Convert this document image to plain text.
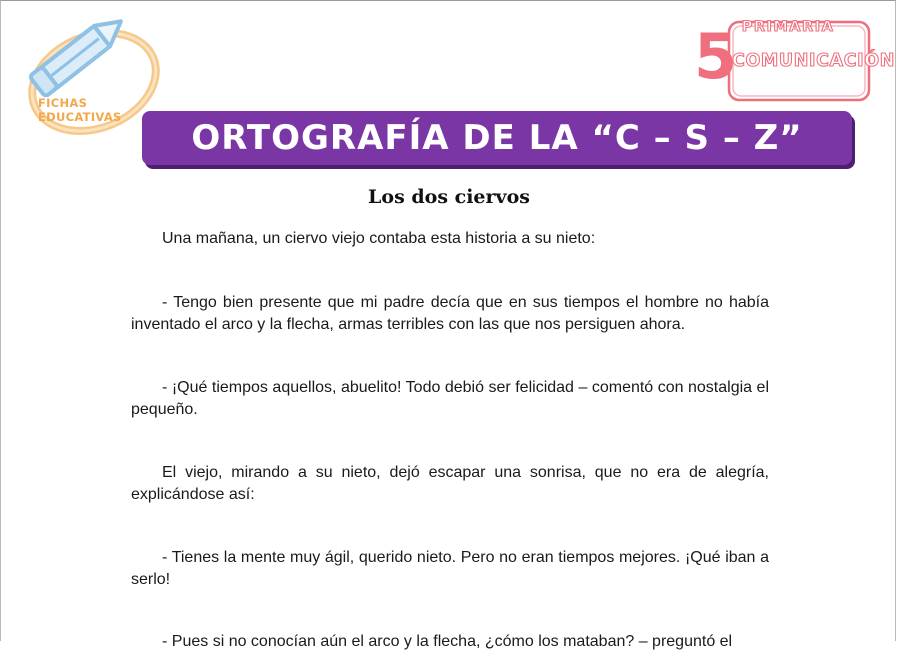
FICHAS
EDUCATIVAS
5 PRIMARIA
COMUNICACIÓN
ORTOGRAFÍA DE LA “C – S – Z”
Los dos ciervos

Una mañana, un ciervo viejo contaba esta historia a su nieto:

- Tengo bien presente que mi padre decía que en sus tiempos el hombre no había inventado el arco y la flecha, armas terribles con las que nos persiguen ahora.

- ¡Qué tiempos aquellos, abuelito! Todo debió ser felicidad – comentó con nostalgia el pequeño.

El viejo, mirando a su nieto, dejó escapar una sonrisa, que no era de alegría, explicándose así:

- Tienes la mente muy ágil, querido nieto. Pero no eran tiempos mejores. ¡Qué iban a serlo!

- Pues si no conocían aún el arco y la flecha, ¿cómo los mataban? – preguntó el
